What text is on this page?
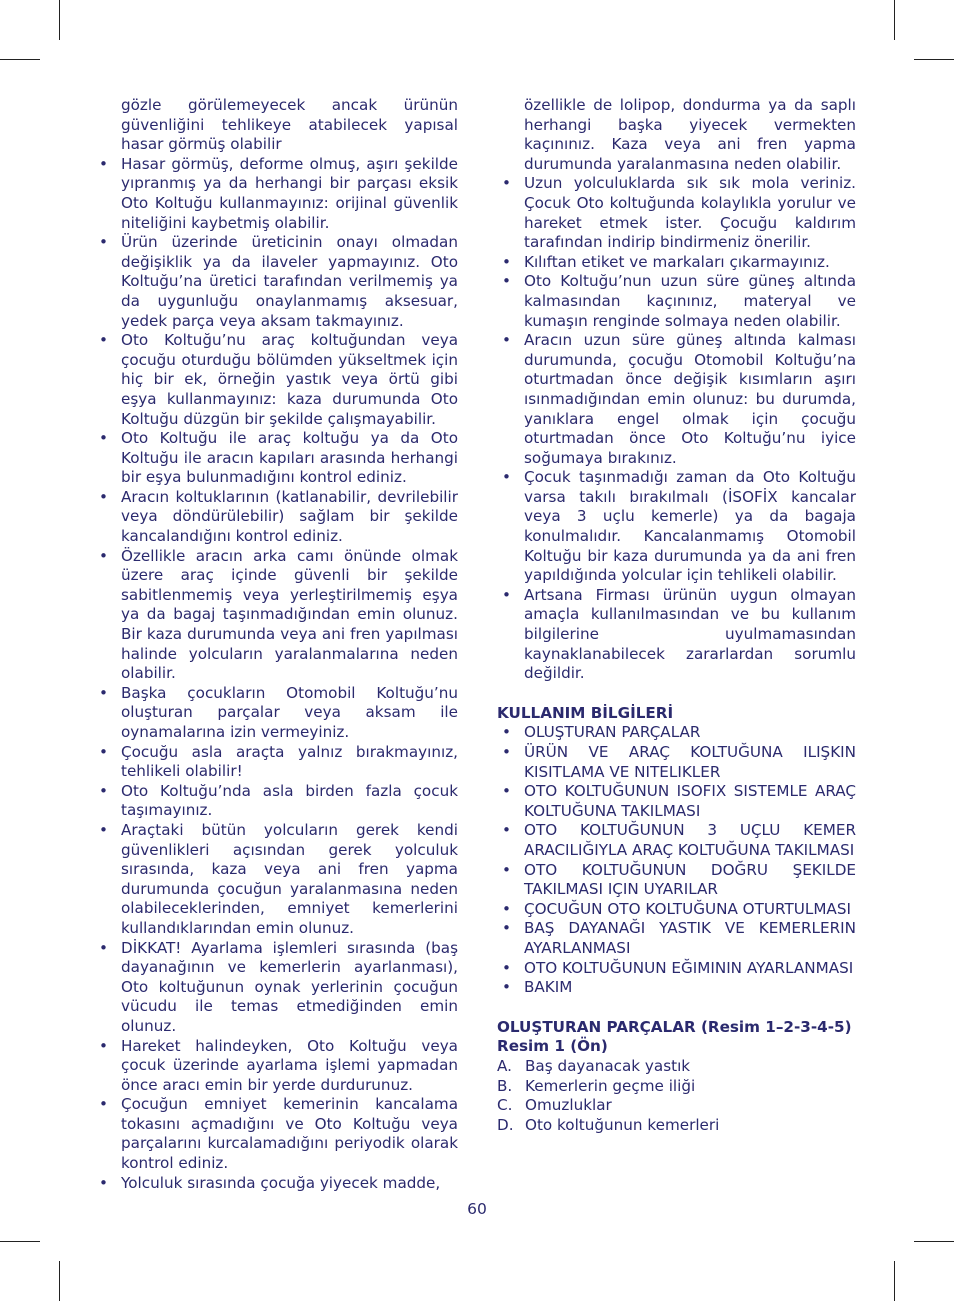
gözle görülemeyecek ancak ürünün güvenliğini tehlikeye atabilecek yapısal hasar görmüş olabilir
• Hasar görmüş, deforme olmuş, aşırı şekilde yıpranmış ya da herhangi bir parçası eksik Oto Koltuğu kullanmayınız: orijinal güvenlik niteliğini kaybetmiş olabilir.
• Ürün üzerinde üreticinin onayı olmadan değişiklik ya da ilaveler yapmayınız. Oto Koltuğu’na üretici tarafından verilmemiş ya da uygunluğu onaylanmamış aksesuar, yedek parça veya aksam takmayınız.
• Oto Koltuğu’nu araç koltuğundan veya çocuğu oturduğu bölümden yükseltmek için hiç bir ek, örneğin yastık veya örtü gibi eşya kullanmayınız: kaza durumunda Oto Koltuğu düzgün bir şekilde çalışmayabilir.
• Oto Koltuğu ile araç koltuğu ya da Oto Koltuğu ile aracın kapıları arasında herhangi bir eşya bulunmadığını kontrol ediniz.
• Aracın koltuklarının (katlanabilir, devrilebilir veya döndürülebilir) sağlam bir şekilde kancalandığını kontrol ediniz.
• Özellikle aracın arka camı önünde olmak üzere araç içinde güvenli bir şekilde sabitlenmemiş veya yerleştirilmemiş eşya ya da bagaj taşınmadığından emin olunuz. Bir kaza durumunda veya ani fren yapılması halinde yolcuların yaralanmalarına neden olabilir.
• Başka çocukların Otomobil Koltuğu’nu oluşturan parçalar veya aksam ile oynamalarına izin vermeyiniz.
• Çocuğu asla araçta yalnız bırakmayınız, tehlikeli olabilir!
• Oto Koltuğu’nda asla birden fazla çocuk taşımayınız.
• Araçtaki bütün yolcuların gerek kendi güvenlikleri açısından gerek yolculuk sırasında, kaza veya ani fren yapma durumunda çocuğun yaralanmasına neden olabileceklerinden, emniyet kemerlerini kullandıklarından emin olunuz.
• DİKKAT! Ayarlama işlemleri sırasında (baş dayanağının ve kemerlerin ayarlanması), Oto koltuğunun oynak yerlerinin çocuğun vücudu ile temas etmediğinden emin olunuz.
• Hareket halindeyken, Oto Koltuğu veya çocuk üzerinde ayarlama işlemi yapmadan önce aracı emin bir yerde durdurunuz.
• Çocuğun emniyet kemerinin kancalama tokasını açmadığını ve Oto Koltuğu veya parçalarını kurcalamadığını periyodik olarak kontrol ediniz.
• Yolculuk sırasında çocuğa yiyecek madde,
özellikle de lolipop, dondurma ya da saplı herhangi başka yiyecek vermekten kaçınınız. Kaza veya ani fren yapma durumunda yaralanmasına neden olabilir.
• Uzun yolculuklarda sık sık mola veriniz. Çocuk Oto koltuğunda kolaylıkla yorulur ve hareket etmek ister. Çocuğu kaldırım tarafından indirip bindirmeniz önerilir.
• Kılıftan etiket ve markaları çıkarmayınız.
• Oto Koltuğu’nun uzun süre güneş altında kalmasından kaçınınız, materyal ve kumaşın renginde solmaya neden olabilir.
• Aracın uzun süre güneş altında kalması durumunda, çocuğu Otomobil Koltuğu’na oturtmadan önce değişik kısımların aşırı ısınmadığından emin olunuz: bu durumda, yanıklara engel olmak için çocuğu oturtmadan önce Oto Koltuğu’nu iyice soğumaya bırakınız.
• Çocuk taşınmadığı zaman da Oto Koltuğu varsa takılı bırakılmalı (İSOFİX kancalar veya 3 uçlu kemerle) ya da bagaja konulmalıdır. Kancalanmamış Otomobil Koltuğu bir kaza durumunda ya da ani fren yapıldığında yolcular için tehlikeli olabilir.
• Artsana Firması ürünün uygun olmayan amaçla kullanılmasından ve bu kullanım bilgilerine uyulmamasından kaynaklanabilecek zararlardan sorumlu değildir.

KULLANIM BİLGİLERİ

• OLUŞTURAN PARÇALAR
• ÜRÜN VE ARAÇ KOLTUĞUNA ILIŞKIN KISITLAMA VE NITELIKLER
• OTO KOLTUĞUNUN ISOFIX SISTEMLE ARAÇ KOLTUĞUNA TAKILMASI
• OTO KOLTUĞUNUN 3 UÇLU KEMER ARACILIĞIYLA ARAÇ KOLTUĞUNA TAKILMASI
• OTO KOLTUĞUNUN DOĞRU ŞEKILDE TAKILMASI IÇIN UYARILAR
• ÇOCUĞUN OTO KOLTUĞUNA OTURTULMASI
• BAŞ DAYANAĞI YASTIK VE KEMERLERIN AYARLANMASI
• OTO KOLTUĞUNUN EĞIMININ AYARLANMASI
• BAKIM

OLUŞTURAN PARÇALAR (Resim 1–2-3-4-5)

Resim 1 (Ön)

A. Baş dayanacak yastık
B. Kemerlerin geçme iliği
C. Omuzluklar
D. Oto koltuğunun kemerleri
60
